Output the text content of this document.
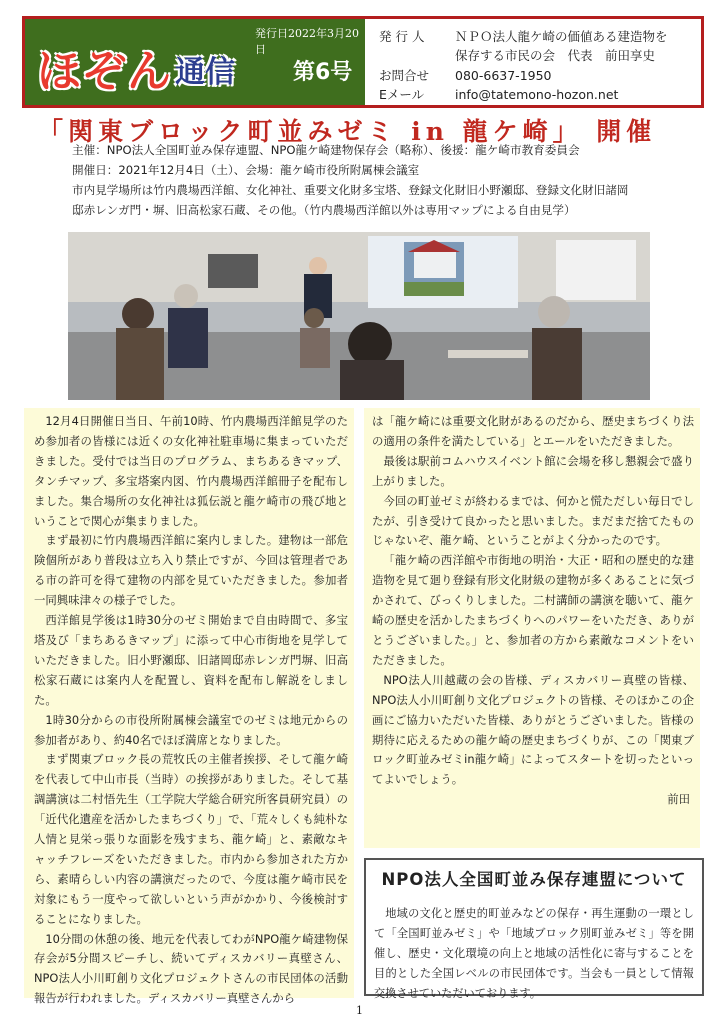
発行日2022年3月20日
ほぞん 通信	第6号
発 行 人 ＮＰＯ法人龍ケ崎の価値ある建造物を
保存する市民の会　代表　前田享史
お問合せ 080-6637-1950
Eメール info@tatemono-hozon.net
「関東ブロック町並みゼミ in 龍ケ崎」 開催
主催：NPO法人全国町並み保存連盟、NPO龍ケ崎建物保存会（略称）、後援：龍ケ崎市教育委員会
開催日：2021年12月4日（土）、会場：龍ケ崎市役所附属棟会議室
市内見学場所は竹内農場西洋館、女化神社、重要文化財多宝塔、登録文化財旧小野瀬邸、登録文化財旧諸岡
邸赤レンガ門・塀、旧高松家石蔵、その他。（竹内農場西洋館以外は専用マップによる自由見学）

12月4日開催日当日、午前10時、竹内農場西洋館見学のため参加者の皆様には近くの女化神社駐車場に集まっていただきました。受付では当日のプログラム、まちあるきマップ、タンチマップ、多宝塔案内図、竹内農場西洋館冊子を配布しました。集合場所の女化神社は狐伝説と龍ケ崎市の飛び地ということで関心が集まりました。

まず最初に竹内農場西洋館に案内しました。建物は一部危険個所があり普段は立ち入り禁止ですが、今回は管理者である市の許可を得て建物の内部を見ていただきました。参加者一同興味津々の様子でした。

西洋館見学後は1時30分のゼミ開始まで自由時間で、多宝塔及び「まちあるきマップ」に添って中心市街地を見学していただきました。旧小野瀬邸、旧諸岡邸赤レンガ門塀、旧高松家石蔵には案内人を配置し、資料を配布し解説をしました。

1時30分からの市役所附属棟会議室でのゼミは地元からの参加者があり、約40名でほぼ満席となりました。

まず関東ブロック長の荒牧氏の主催者挨拶、そして龍ケ崎を代表して中山市長（当時）の挨拶がありました。そして基調講演は二村悟先生（工学院大学総合研究所客員研究員）の「近代化遺産を活かしたまちづくり」で、「荒々しくも純朴な人情と見栄っ張りな面影を残すまち、龍ケ崎」と、素敵なキャッチフレーズをいただきました。市内から参加された方から、素晴らしい内容の講演だったので、今度は龍ケ崎市民を対象にもう一度やって欲しいという声がかかり、今後検討することになりました。

10分間の休憩の後、地元を代表してわがNPO龍ケ崎建物保存会が5分間スピーチし、続いてディスカバリー真壁さん、NPO法人小川町創り文化プロジェクトさんの市民団体の活動報告が行われました。ディスカバリー真壁さんから

は「龍ケ崎には重要文化財があるのだから、歴史まちづくり法の適用の条件を満たしている」とエールをいただきました。

最後は駅前コムハウスイベント館に会場を移し懇親会で盛り上がりました。

今回の町並ゼミが終わるまでは、何かと慌ただしい毎日でしたが、引き受けて良かったと思いました。まだまだ捨てたものじゃないぞ、龍ケ崎、ということがよく分かったのです。

「龍ケ崎の西洋館や市街地の明治・大正・昭和の歴史的な建造物を見て廻り登録有形文化財級の建物が多くあることに気づかされて、びっくりしました。二村講師の講演を聴いて、龍ケ崎の歴史を活かしたまちづくりへのパワーをいただき、ありがとうございました。」と、参加者の方から素敵なコメントをいただきました。

NPO法人川越蔵の会の皆様、ディスカバリー真壁の皆様、NPO法人小川町創り文化プロジェクトの皆様、そのほかこの企画にご協力いただいた皆様、ありがとうございました。皆様の期待に応えるための龍ケ崎の歴史まちづくりが、この「関東ブロック町並みゼミin龍ケ崎」によってスタートを切ったといってよいでしょう。

前田

NPO法人全国町並み保存連盟について
地域の文化と歴史的町並みなどの保存・再生運動の一環として「全国町並みゼミ」や「地域ブロック別町並みゼミ」等を開催し、歴史・文化環境の向上と地域の活性化に寄与することを目的とした全国レベルの市民団体です。当会も一員として情報交換させていただいております。
1
